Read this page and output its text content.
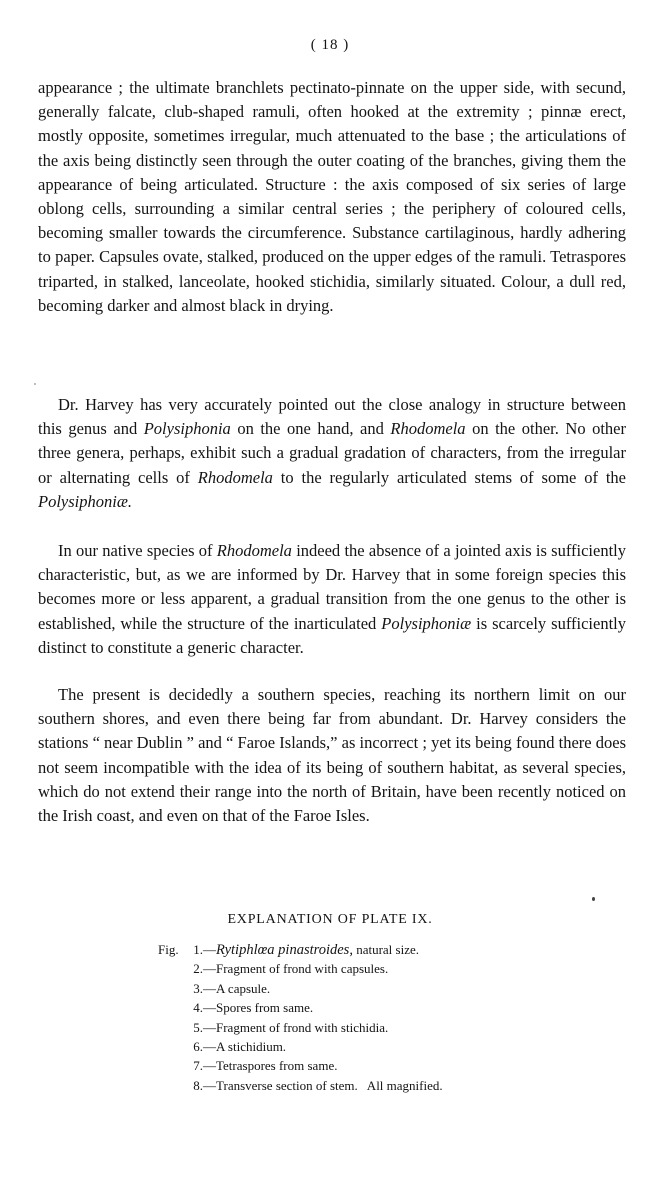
( 18 )

appearance ; the ultimate branchlets pectinato-pinnate on the upper side, with secund, generally falcate, club-shaped ramuli, often hooked at the extremity ; pinnæ erect, mostly opposite, sometimes irregular, much attenuated to the base ; the articulations of the axis being distinctly seen through the outer coating of the branches, giving them the appearance of being articulated. Structure : the axis composed of six series of large oblong cells, surrounding a similar central series ; the periphery of coloured cells, becoming smaller towards the circumference. Substance cartilaginous, hardly adhering to paper. Capsules ovate, stalked, produced on the upper edges of the ramuli. Tetraspores triparted, in stalked, lanceolate, hooked stichidia, similarly situated. Colour, a dull red, becoming darker and almost black in drying.

Dr. Harvey has very accurately pointed out the close analogy in structure between this genus and Polysiphonia on the one hand, and Rhodomela on the other. No other three genera, perhaps, exhibit such a gradual gradation of characters, from the irregular or alternating cells of Rhodomela to the regularly articulated stems of some of the Polysiphoniæ.

In our native species of Rhodomela indeed the absence of a jointed axis is sufficiently characteristic, but, as we are informed by Dr. Harvey that in some foreign species this becomes more or less apparent, a gradual transition from the one genus to the other is established, while the structure of the inarticulated Polysiphoniæ is scarcely sufficiently distinct to constitute a generic character.

The present is decidedly a southern species, reaching its northern limit on our southern shores, and even there being far from abundant. Dr. Harvey considers the stations “ near Dublin ” and “ Faroe Islands,” as incorrect ; yet its being found there does not seem incompatible with the idea of its being of southern habitat, as several species, which do not extend their range into the north of Britain, have been recently noticed on the Irish coast, and even on that of the Faroe Isles.

EXPLANATION OF PLATE IX.
Fig.	1. —Rytiphlœa pinastroides, natural size.
2. —Fragment of frond with capsules.
3. —A capsule.
4. —Spores from same.
5. —Fragment of frond with stichidia.
6. —A stichidium.
7. —Tetraspores from same.
8. —Transverse section of stem.   All magnified.
